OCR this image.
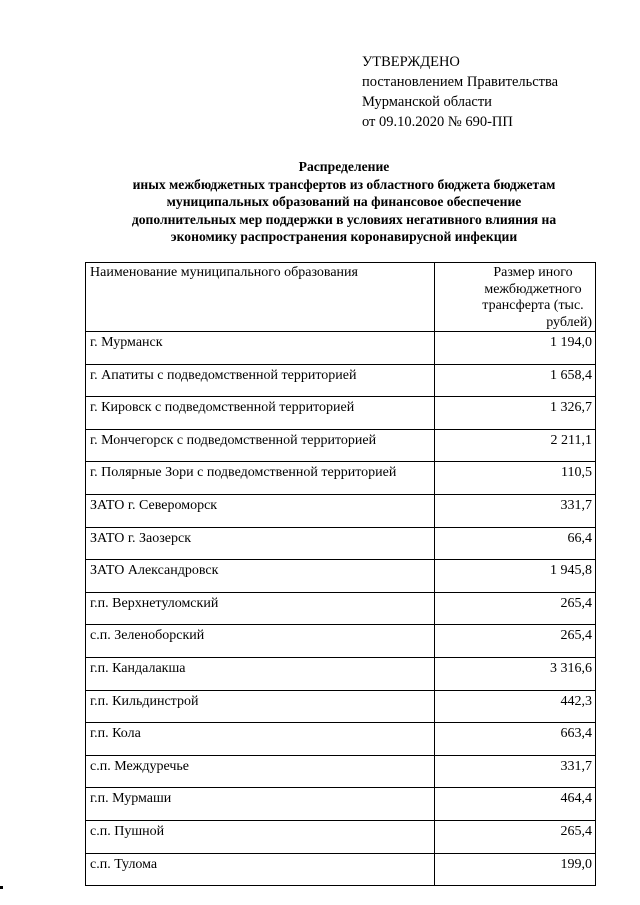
УТВЕРЖДЕНО
постановлением Правительства
Мурманской области
от 09.10.2020 № 690-ПП
Распределение
иных межбюджетных трансфертов из областного бюджета бюджетам
муниципальных образований на финансовое обеспечение
дополнительных мер поддержки в условиях негативного влияния на
экономику распространения коронавирусной инфекции
Наименование муниципального образования	Размер иного
межбюджетного
трансферта (тыс.

рублей)

г. Мурманск	1 194,0
г. Апатиты с подведомственной территорией	1 658,4
г. Кировск с подведомственной территорией	1 326,7
г. Мончегорск с подведомственной территорией	2 211,1
г. Полярные Зори с подведомственной территорией	110,5
ЗАТО г. Североморск	331,7
ЗАТО г. Заозерск	66,4
ЗАТО Александровск	1 945,8
г.п. Верхнетуломский	265,4
с.п. Зеленоборский	265,4
г.п. Кандалакша	3 316,6
г.п. Кильдинстрой	442,3
г.п. Кола	663,4
с.п. Междуречье	331,7
г.п. Мурмаши	464,4
с.п. Пушной	265,4
с.п. Тулома	199,0
